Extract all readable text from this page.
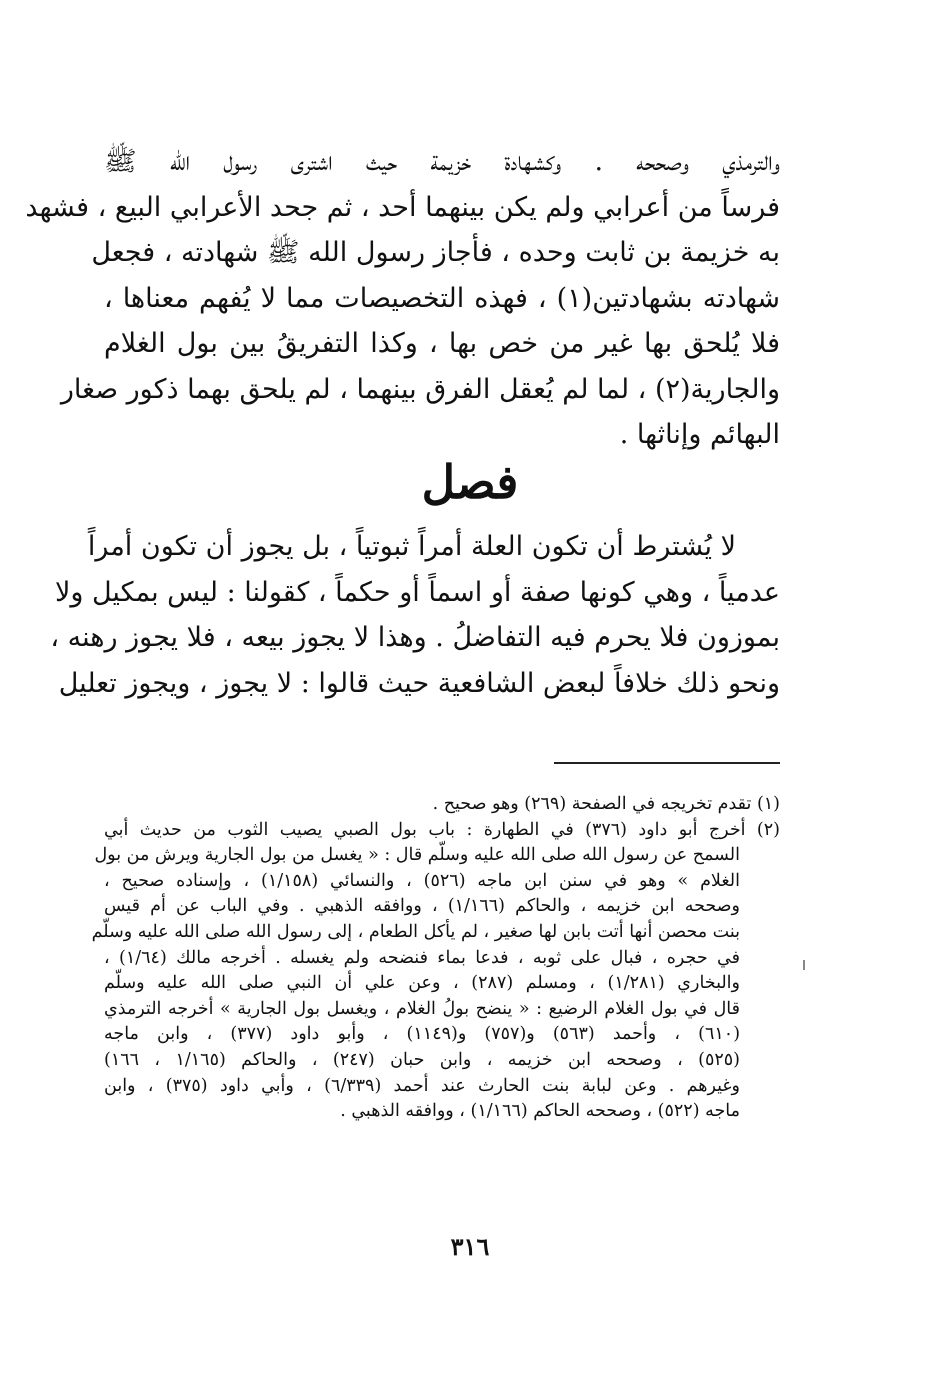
والترمذي وصححه . وكشهادة خزيمة حيث اشترى رسول الله ﷺ
فرساً من أعرابي ولم يكن بينهما أحد ، ثم جحد الأعرابي البيع ، فشهد
به خزيمة بن ثابت وحده ، فأجاز رسول الله ﷺ شهادته ، فجعل
شهادته بشهادتين(١) ، فهذه التخصيصات مما لا يُفهم معناها ،
فلا يُلحق بها غير من خص بها ، وكذا التفريقُ بين بول الغلام
والجارية(٢) ، لما لم يُعقل الفرق بينهما ، لم يلحق بهما ذكور صغار
البهائم وإناثها .
فصل
لا يُشترط أن تكون العلة أمراً ثبوتياً ، بل يجوز أن تكون أمراً
عدمياً ، وهي كونها صفة أو اسماً أو حكماً ، كقولنا : ليس بمكيل ولا
بموزون فلا يحرم فيه التفاضلُ . وهذا لا يجوز بيعه ، فلا يجوز رهنه ،
ونحو ذلك خلافاً لبعض الشافعية حيث قالوا : لا يجوز ، ويجوز تعليل
(١) تقدم تخريجه في الصفحة (٢٦٩) وهو صحيح .
(٢) أخرج أبو داود (٣٧٦) في الطهارة : باب بول الصبي يصيب الثوب من حديث أبي
السمح عن رسول الله صلى الله عليه وسلّم قال : « يغسل من بول الجارية ويرش من بول
الغلام » وهو في سنن ابن ماجه (٥٢٦) ، والنسائي (١/١٥٨) ، وإسناده صحيح ،
وصححه ابن خزيمه ، والحاكم (١/١٦٦) ، ووافقه الذهبي . وفي الباب عن أم قيس
بنت محصن أنها أتت بابن لها صغير ، لم يأكل الطعام ، إلى رسول الله صلى الله عليه وسلّم
في حجره ، فبال على ثوبه ، فدعا بماء فنضحه ولم يغسله . أخرجه مالك (١/٦٤) ،
والبخاري (١/٢٨١) ، ومسلم (٢٨٧) ، وعن علي أن النبي صلى الله عليه وسلّم
قال في بول الغلام الرضيع : « ينضح بولُ الغلام ، ويغسل بول الجارية » أخرجه الترمذي
(٦١٠) ، وأحمد (٥٦٣) و(٧٥٧) و(١١٤٩) ، وأبو داود (٣٧٧) ، وابن ماجه
(٥٢٥) ، وصححه ابن خزيمه ، وابن حبان (٢٤٧) ، والحاكم (١/١٦٥ ، ١٦٦)
وغيرهم . وعن لبابة بنت الحارث عند أحمد (٦/٣٣٩) ، وأبي داود (٣٧٥) ، وابن
ماجه (٥٢٢) ، وصححه الحاكم (١/١٦٦) ، ووافقه الذهبي .
٣١٦
